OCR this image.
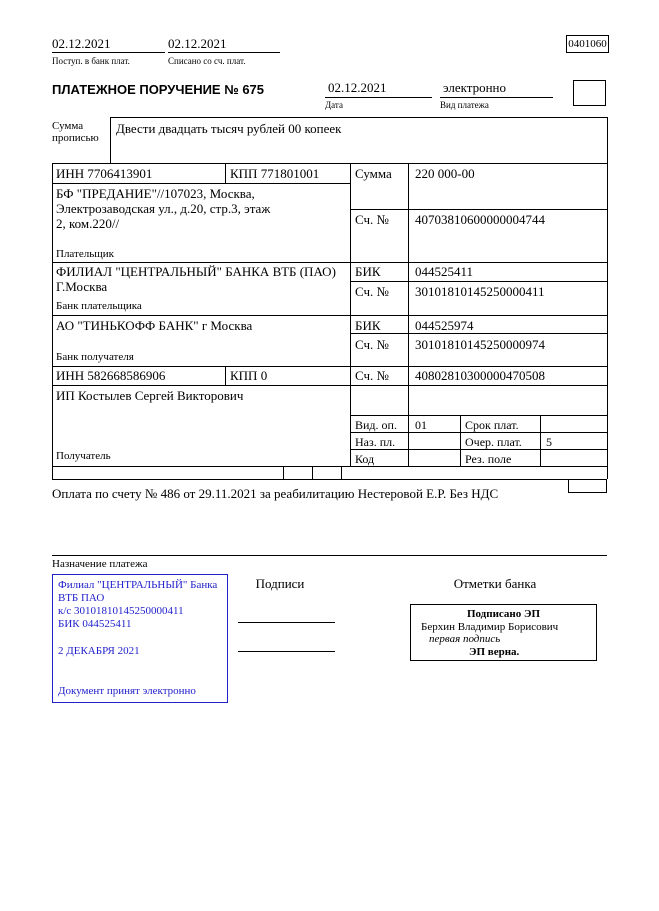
02.12.2021	02.12.2021
Поступ. в банк плат.	Списано со сч. плат.
0401060
ПЛАТЕЖНОЕ ПОРУЧЕНИЕ № 675	02.12.2021	электронно
Дата	Вид платежа
Сумма
прописью
Двести двадцать тысяч рублей 00 копеек
ИНН 7706413901	КПП 771801001	Сумма 220 000-00
БФ "ПРЕДАНИЕ"//107023, Москва,
Электрозаводская ул., д.20, стр.3, этаж
2, ком.220//	Сч. № 40703810600000004744
Плательщик
ФИЛИАЛ "ЦЕНТРАЛЬНЫЙ" БАНКА ВТБ (ПАО)
Г.Москва
БИК	044525411
Сч. № 30101810145250000411
Банк плательщика
АО "ТИНЬКОФФ БАНК" г Москва	БИК	044525974
Сч. № 30101810145250000974
Банк получателя
ИНН 582668586906	КПП 0	Сч. № 40802810300000470508
ИП Костылев Сергей Викторович
Получатель
Вид. оп. 01	Срок плат.
Наз. пл.	Очер. плат. 5
Код	Рез. поле
Оплата по счету № 486 от 29.11.2021 за реабилитацию Нестеровой Е.Р. Без НДС
Назначение платежа
Подписи	Отметки банка
Филиал "ЦЕНТРАЛЬНЫЙ" Банка
ВТБ ПАО
к/с 30101810145250000411
БИК 044525411
2 ДЕКАБРЯ 2021
Документ принят электронно
Подписано ЭП
Берхин Владимир Борисович
первая подпись
ЭП верна.
